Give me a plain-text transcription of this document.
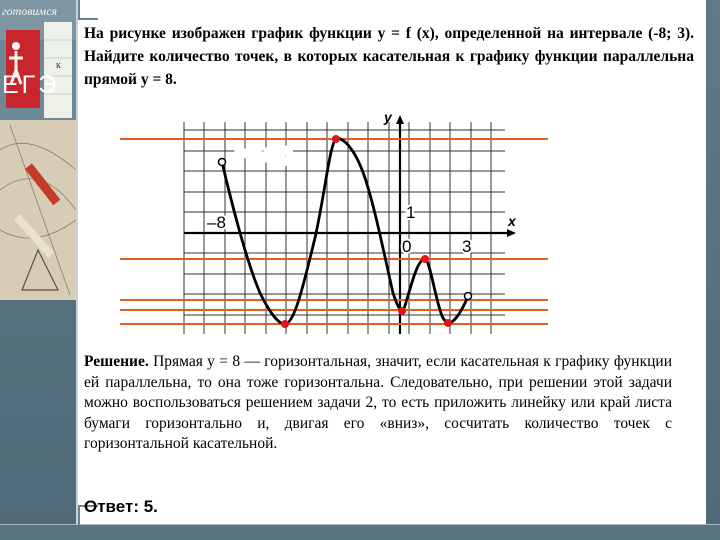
готовимся
к
ЕГЭ

На рисунке изображен график функции y = f (x), определенной на интервале (-8; 3). Найдите количество точек, в которых касательная к графику функции параллельна прямой y = 8.

y = f(x)
y
x
–8
1
0	3

Решение. Прямая у = 8 — горизонтальная, значит, если касательная к графику функции ей параллельна, то она тоже горизонтальна. Следовательно, при решении этой задачи можно воспользоваться решением задачи 2, то есть приложить линейку или край листа бумаги горизонтально и, двигая его «вниз», сосчитать количество точек с горизонтальной касательной.

Ответ: 5.
